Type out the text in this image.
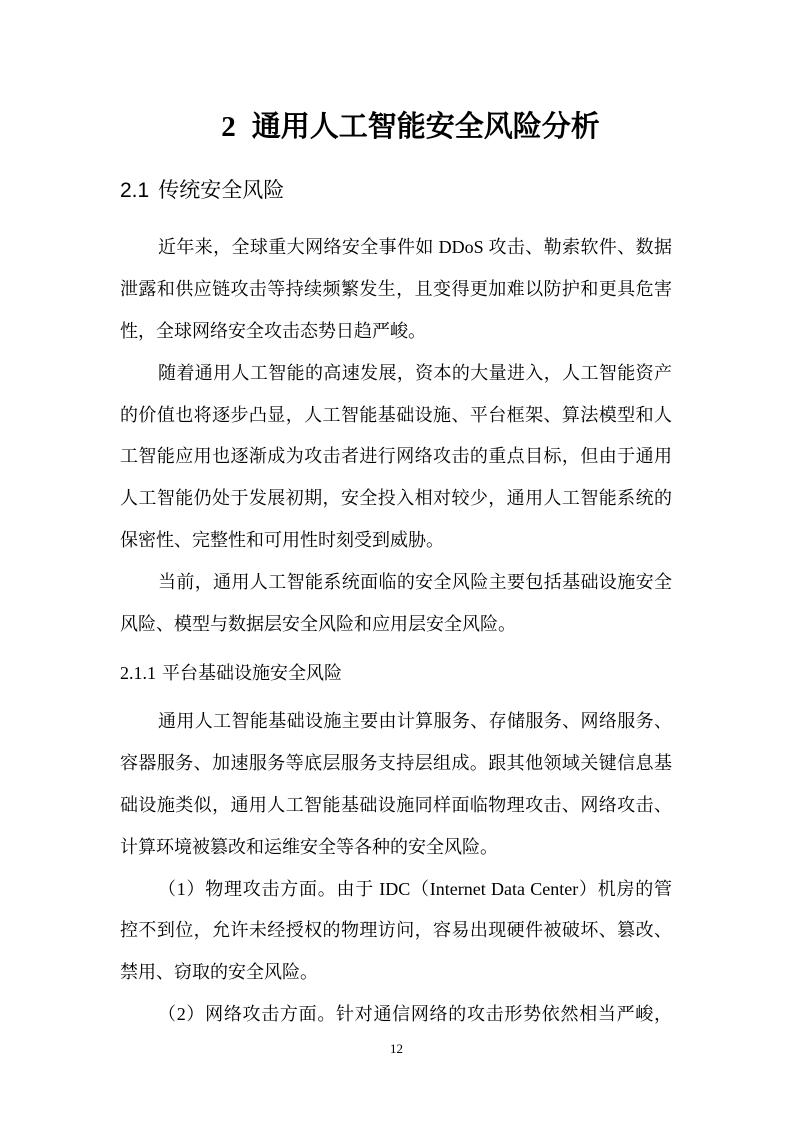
2 通用人工智能安全风险分析
2.1 传统安全风险
近年来，全球重大网络安全事件如 DDoS 攻击、勒索软件、数据
泄露和供应链攻击等持续频繁发生，且变得更加难以防护和更具危害
性，全球网络安全攻击态势日趋严峻。
随着通用人工智能的高速发展，资本的大量进入，人工智能资产
的价值也将逐步凸显，人工智能基础设施、平台框架、算法模型和人
工智能应用也逐渐成为攻击者进行网络攻击的重点目标，但由于通用
人工智能仍处于发展初期，安全投入相对较少，通用人工智能系统的
保密性、完整性和可用性时刻受到威胁。
当前，通用人工智能系统面临的安全风险主要包括基础设施安全
风险、模型与数据层安全风险和应用层安全风险。
2.1.1 平台基础设施安全风险
通用人工智能基础设施主要由计算服务、存储服务、网络服务、
容器服务、加速服务等底层服务支持层组成。跟其他领域关键信息基
础设施类似，通用人工智能基础设施同样面临物理攻击、网络攻击、
计算环境被篡改和运维安全等各种的安全风险。
（1）物理攻击方面。由于 IDC（Internet Data Center）机房的管
控不到位，允许未经授权的物理访问，容易出现硬件被破坏、篡改、
禁用、窃取的安全风险。
（2）网络攻击方面。针对通信网络的攻击形势依然相当严峻，
12
